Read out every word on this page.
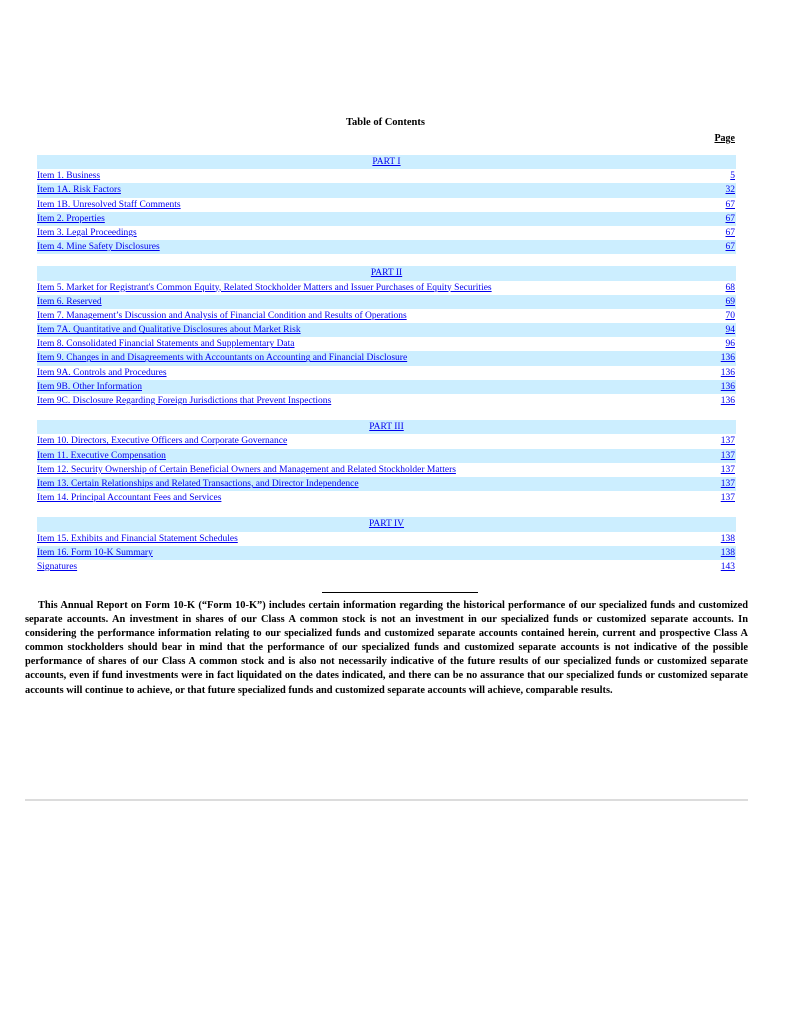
Table of Contents
Page
PART I
Item 1. Business	5
Item 1A. Risk Factors	32
Item 1B. Unresolved Staff Comments	67
Item 2. Properties	67
Item 3. Legal Proceedings	67
Item 4. Mine Safety Disclosures	67
PART II
Item 5. Market for Registrant's Common Equity, Related Stockholder Matters and Issuer Purchases of Equity Securities	68
Item 6. Reserved	69
Item 7. Management’s Discussion and Analysis of Financial Condition and Results of Operations	70
Item 7A. Quantitative and Qualitative Disclosures about Market Risk	94
Item 8. Consolidated Financial Statements and Supplementary Data	96
Item 9. Changes in and Disagreements with Accountants on Accounting and Financial Disclosure	136
Item 9A. Controls and Procedures	136
Item 9B. Other Information	136
Item 9C. Disclosure Regarding Foreign Jurisdictions that Prevent Inspections	136
PART III
Item 10. Directors, Executive Officers and Corporate Governance	137
Item 11. Executive Compensation	137
Item 12. Security Ownership of Certain Beneficial Owners and Management and Related Stockholder Matters	137
Item 13. Certain Relationships and Related Transactions, and Director Independence	137
Item 14. Principal Accountant Fees and Services	137
PART IV
Item 15. Exhibits and Financial Statement Schedules	138
Item 16. Form 10-K Summary	138
Signatures	143
This Annual Report on Form 10-K (“Form 10-K”) includes certain information regarding the historical performance of our specialized funds and customized separate accounts. An investment in shares of our Class A common stock is not an investment in our specialized funds or customized separate accounts. In considering the performance information relating to our specialized funds and customized separate accounts contained herein, current and prospective Class A common stockholders should bear in mind that the performance of our specialized funds and customized separate accounts is not indicative of the possible performance of shares of our Class A common stock and is also not necessarily indicative of the future results of our specialized funds or customized separate accounts, even if fund investments were in fact liquidated on the dates indicated, and there can be no assurance that our specialized funds or customized separate accounts will continue to achieve, or that future specialized funds and customized separate accounts will achieve, comparable results.
